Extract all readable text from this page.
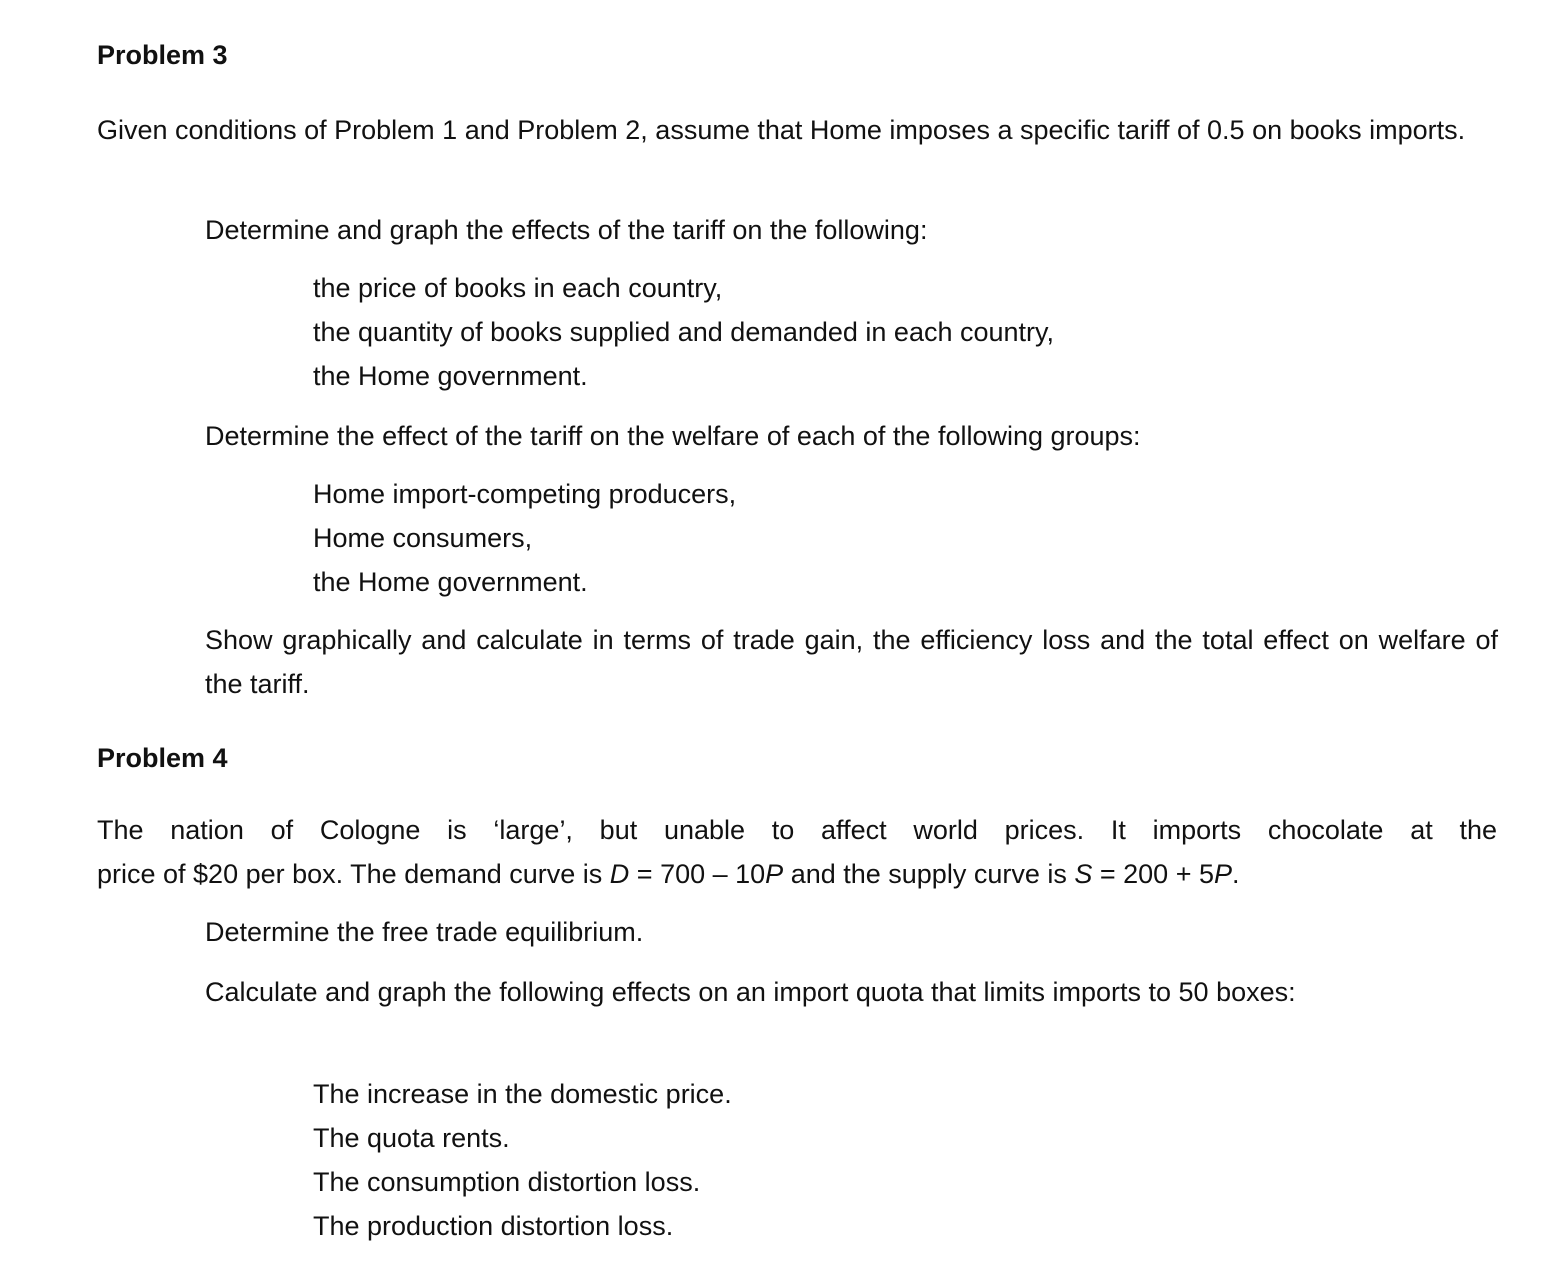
Problem 3
Given conditions of Problem 1 and Problem 2, assume that Home imposes a specific tariff of 0.5 on books imports.
Determine and graph the effects of the tariff on the following:
the price of books in each country,
the quantity of books supplied and demanded in each country,
the Home government.
Determine the effect of the tariff on the welfare of each of the following groups:
Home import-competing producers,
Home consumers,
the Home government.
Show graphically and calculate in terms of trade gain, the efficiency loss and the total effect on welfare of the tariff.
Problem 4
The nation of Cologne is ‘large’, but unable to affect world prices. It imports chocolate at the
price of $20 per box. The demand curve is D = 700 – 10P and the supply curve is S = 200 + 5P.
Determine the free trade equilibrium.
Calculate and graph the following effects on an import quota that limits imports to 50 boxes:
The increase in the domestic price.
The quota rents.
The consumption distortion loss.
The production distortion loss.
